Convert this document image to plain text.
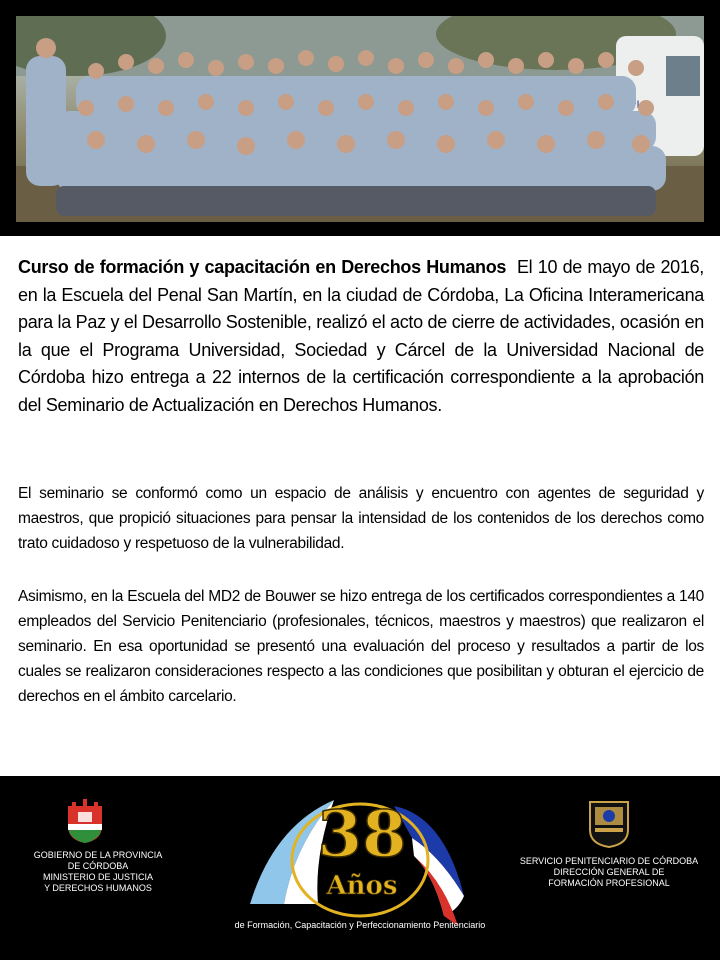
Curso de formación y capacitación en Derechos Humanos El 10 de mayo de 2016, en la Escuela del Penal San Martín, en la ciudad de Córdoba, La Oficina Interamericana para la Paz y el Desarrollo Sostenible, realizó el acto de cierre de actividades, ocasión en la que el Programa Universidad, Sociedad y Cárcel de la Universidad Nacional de Córdoba hizo entrega a 22 internos de la certificación correspondiente a la aprobación del Seminario de Actualización en Derechos Humanos.

El seminario se conformó como un espacio de análisis y encuentro con agentes de seguridad y maestros, que propició situaciones para pensar la intensidad de los contenidos de los derechos como trato cuidadoso y respetuoso de la vulnerabilidad.

Asimismo, en la Escuela del MD2 de Bouwer se hizo entrega de los certificados correspondientes a 140 empleados del Servicio Penitenciario (profesionales, técnicos, maestros y maestros) que realizaron el seminario. En esa oportunidad se presentó una evaluación del proceso y resultados a partir de los cuales se realizaron consideraciones respecto a las condiciones que posibilitan y obturan el ejercicio de derechos en el ámbito carcelario.

GOBIERNO DE LA PROVINCIA
DE CÓRDOBA
MINISTERIO DE JUSTICIA
Y DERECHOS HUMANOS
38
Años
de Formación, Capacitación y Perfeccionamiento Penitenciario
SERVICIO PENITENCIARIO DE CÓRDOBA
DIRECCIÓN GENERAL DE
FORMACIÓN PROFESIONAL
